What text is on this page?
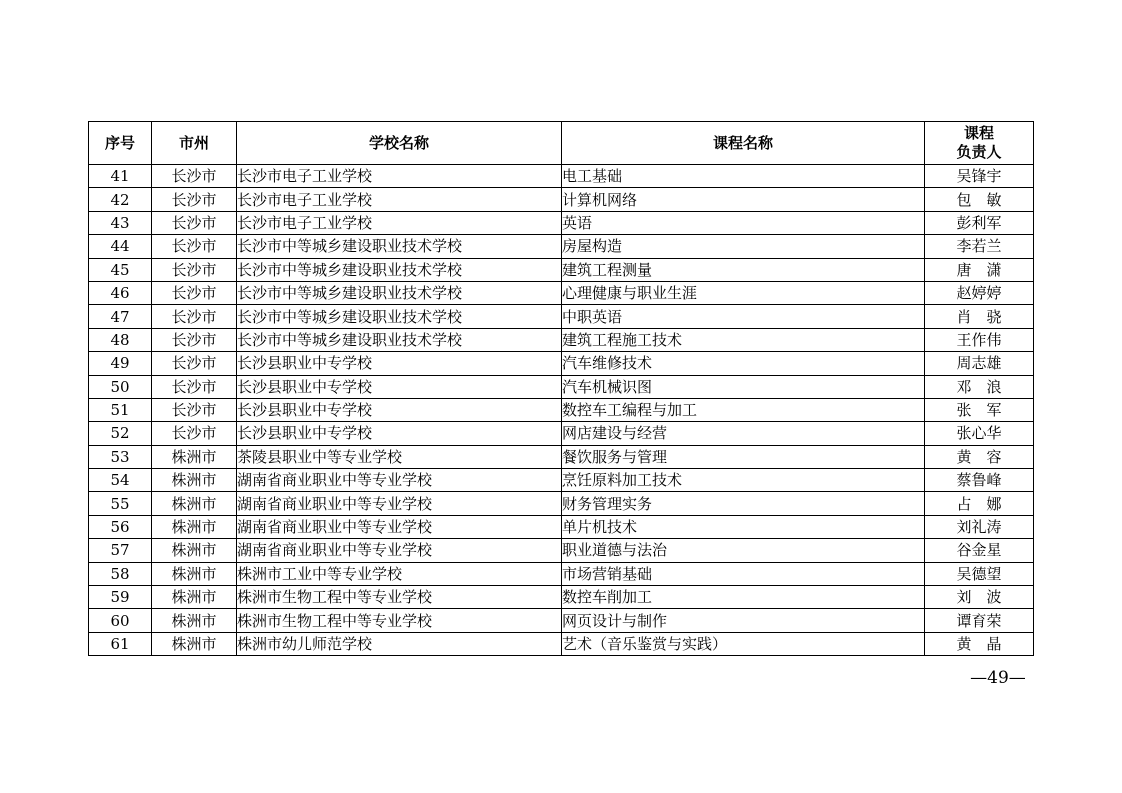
序号	市州	学校名称	课程名称	课程
负责人

41	长沙市	长沙市电子工业学校	电工基础	吴锋宇
42	长沙市	长沙市电子工业学校	计算机网络	包　敏
43	长沙市	长沙市电子工业学校	英语	彭利军
44	长沙市	长沙市中等城乡建设职业技术学校	房屋构造	李若兰
45	长沙市	长沙市中等城乡建设职业技术学校	建筑工程测量	唐　潇
46	长沙市	长沙市中等城乡建设职业技术学校	心理健康与职业生涯	赵婷婷
47	长沙市	长沙市中等城乡建设职业技术学校	中职英语	肖　骁
48	长沙市	长沙市中等城乡建设职业技术学校	建筑工程施工技术	王作伟
49	长沙市	长沙县职业中专学校	汽车维修技术	周志雄
50	长沙市	长沙县职业中专学校	汽车机械识图	邓　浪
51	长沙市	长沙县职业中专学校	数控车工编程与加工	张　军
52	长沙市	长沙县职业中专学校	网店建设与经营	张心华
53	株洲市	茶陵县职业中等专业学校	餐饮服务与管理	黄　容
54	株洲市	湖南省商业职业中等专业学校	烹饪原料加工技术	蔡鲁峰
55	株洲市	湖南省商业职业中等专业学校	财务管理实务	占　娜
56	株洲市	湖南省商业职业中等专业学校	单片机技术	刘礼涛
57	株洲市	湖南省商业职业中等专业学校	职业道德与法治	谷金星
58	株洲市	株洲市工业中等专业学校	市场营销基础	吴德望
59	株洲市	株洲市生物工程中等专业学校	数控车削加工	刘　波
60	株洲市	株洲市生物工程中等专业学校	网页设计与制作	谭育荣
61	株洲市	株洲市幼儿师范学校	艺术（音乐鉴赏与实践）	黄　晶
—49—
